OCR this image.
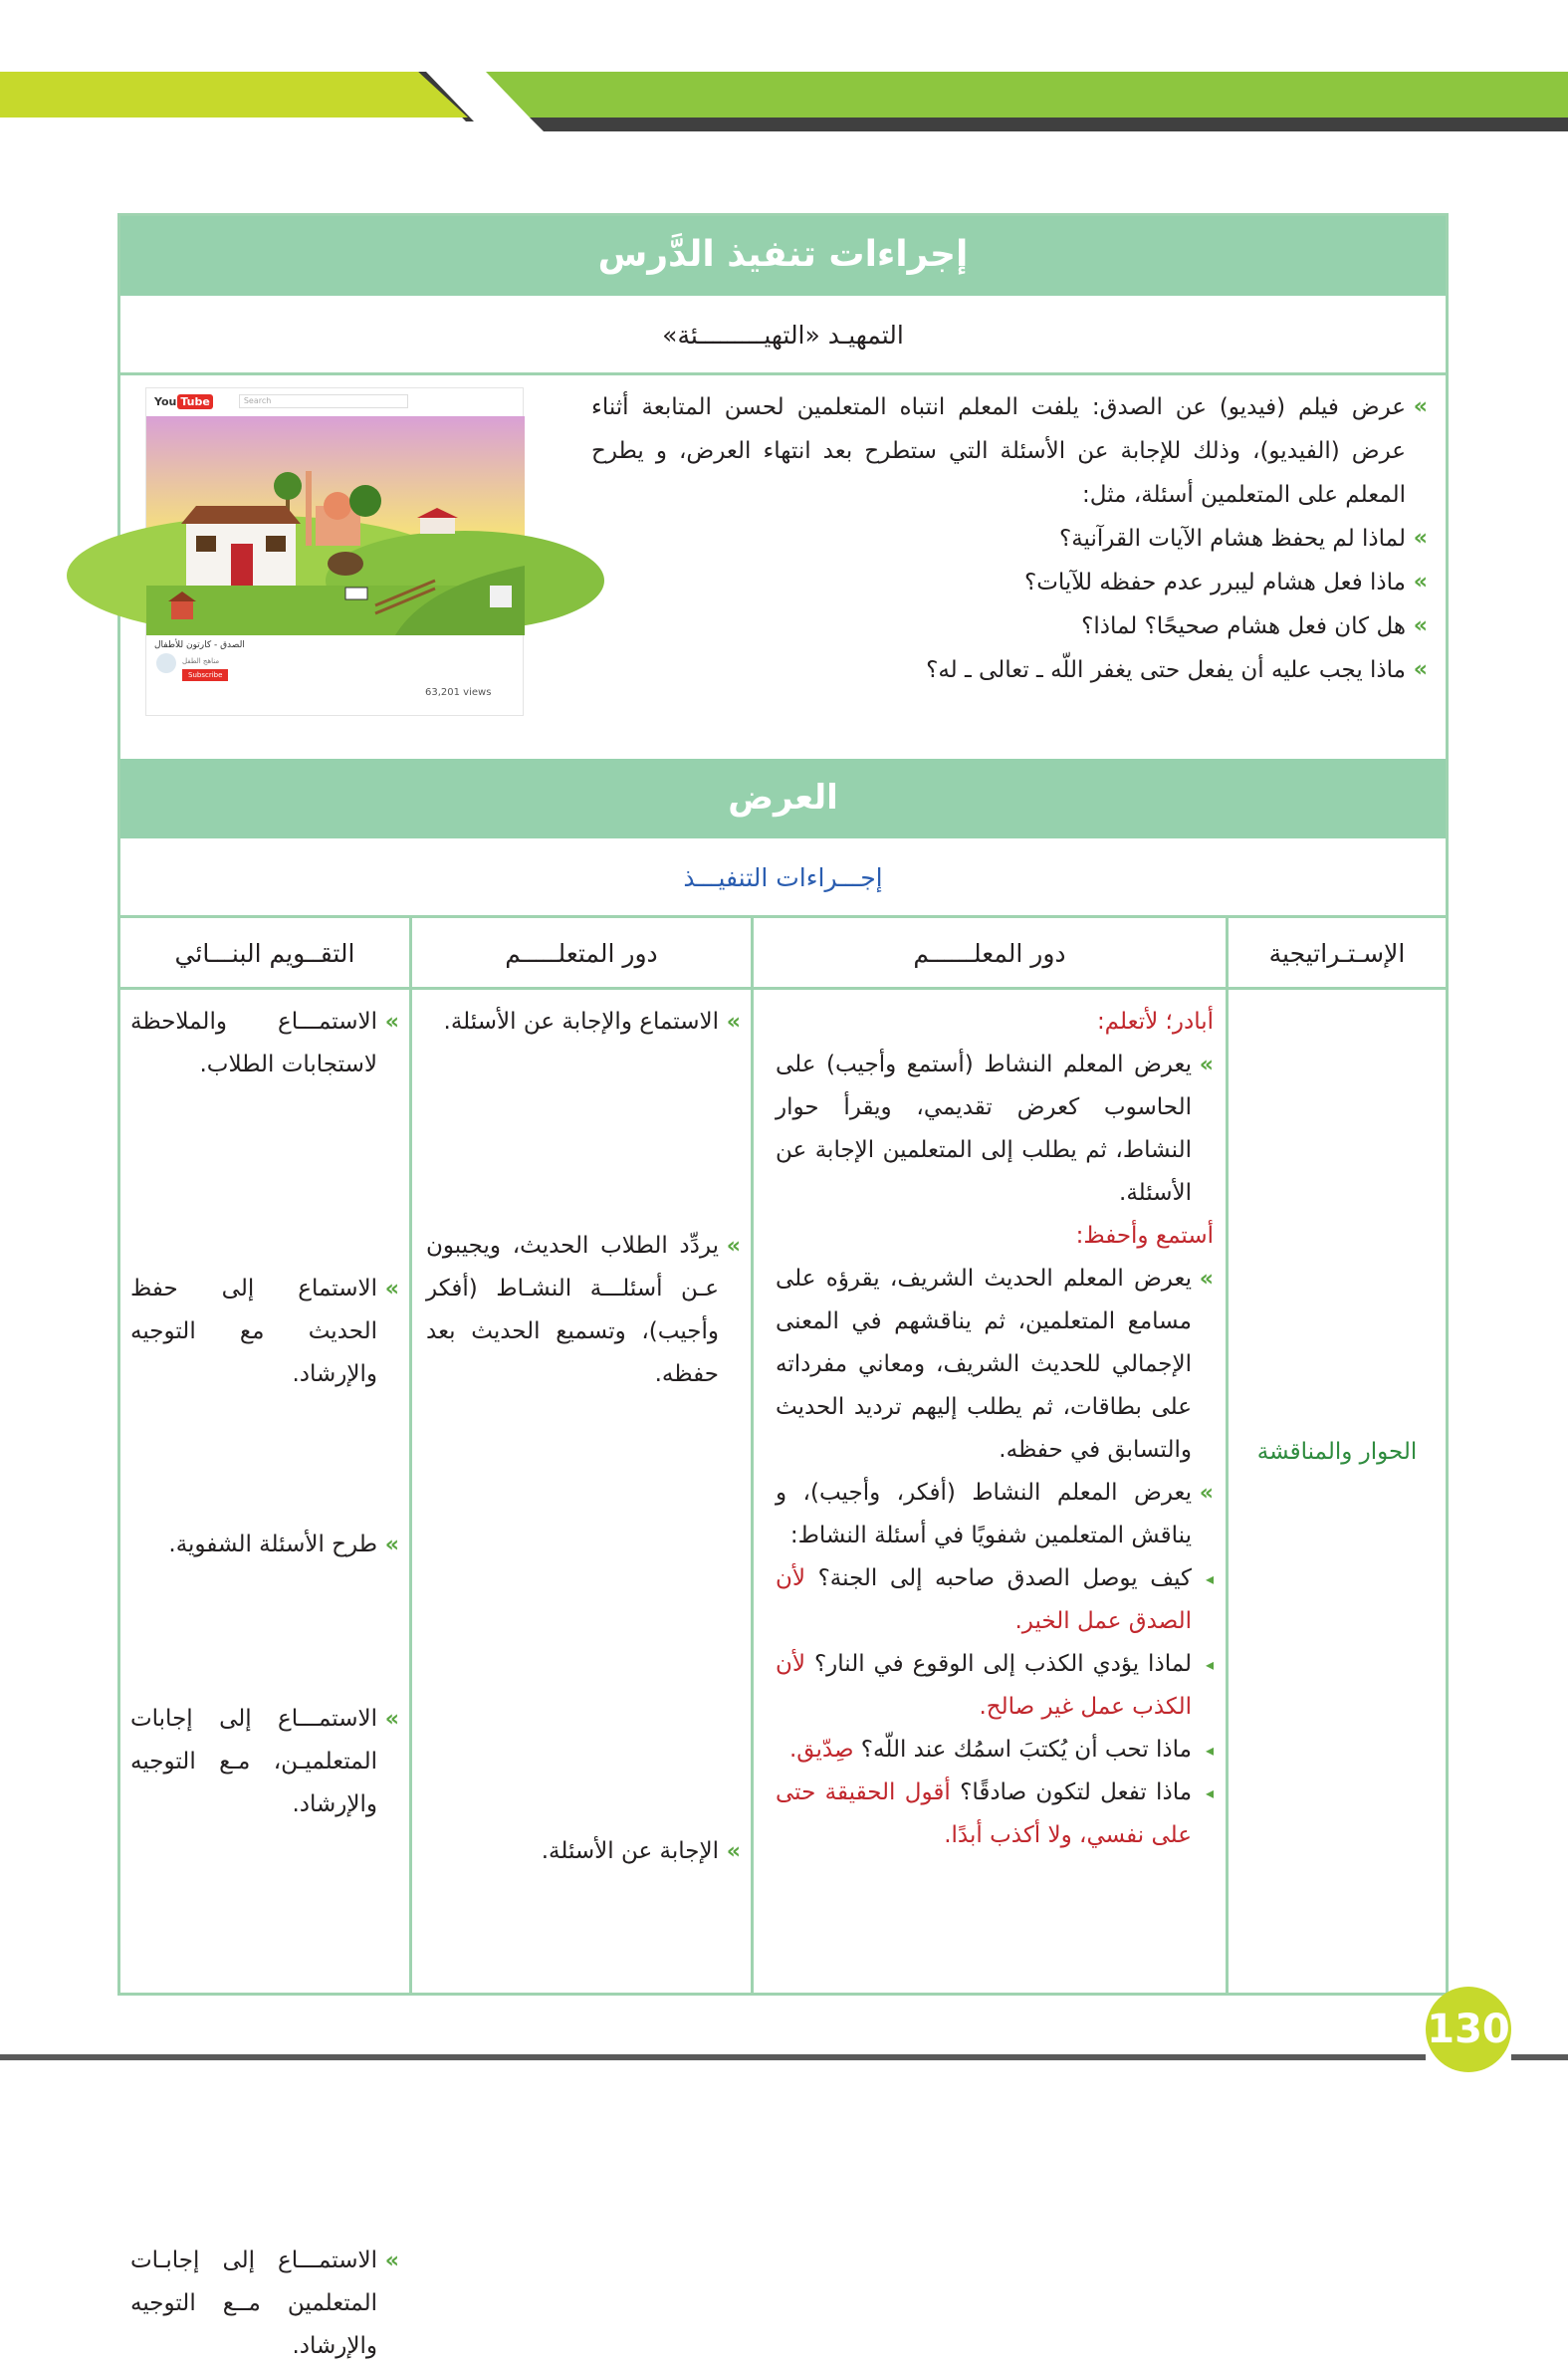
إجراءات تنفيذ الدَّرس
التمهيـد «التهيـــــــــئة»
»
عرض فيلم (فيديو) عن الصدق: يلفت المعلم انتباه المتعلمين لحسن المتابعة أثناء عرض (الفيديو)، وذلك للإجابة عن الأسئلة التي ستطرح بعد انتهاء العرض، و يطرح المعلم على المتعلمين أسئلة، مثل:
»
لماذا لم يحفظ هشام الآيات القرآنية؟
»
ماذا فعل هشام ليبرر عدم حفظه للآيات؟
»
هل كان فعل هشام صحيحًا؟ لماذا؟
»
ماذا يجب عليه أن يفعل حتى يغفر اللّه ـ تعالى ـ له؟
You Tube	Search
الصدق - كارتون للأطفال
مناهج الطفل
Subscribe
63,201 views
العرض
إجـــراءات التنفيـــذ
الإسـتـراتيجية
دور المعلــــــم
دور المتعلـــــم
التقــويم البنـــائي
الحوار والمناقشة
أبادر؛ لأتعلم:
»
يعرض المعلم النشاط (أستمع وأجيب) على الحاسوب كعرض تقديمي، ويقرأ حوار النشاط، ثم يطلب إلى المتعلمين الإجابة عن الأسئلة.
أستمع وأحفظ:
»
يعرض المعلم الحديث الشريف، يقرؤه على مسامع المتعلمين، ثم يناقشهم في المعنى الإجمالي للحديث الشريف، ومعاني مفرداته على بطاقات، ثم يطلب إليهم ترديد الحديث والتسابق في حفظه.
»
يعرض المعلم النشاط (أفكر، وأجيب)، و يناقش المتعلمين شفويًا في أسئلة النشاط:
◂
كيف يوصل الصدق صاحبه إلى الجنة؟ لأن الصدق عمل الخير.
◂
لماذا يؤدي الكذب إلى الوقوع في النار؟ لأن الكذب عمل غير صالح.
◂
ماذا تحب أن يُكتبَ اسمُك عند اللّه؟ صِدّيق.
◂
ماذا تفعل لتكون صادقًا؟ أقول الحقيقة حتى على نفسي، ولا أكذب أبدًا.
»
الاستماع والإجابة عن الأسئلة.
»
يردِّد الطلاب الحديث، ويجيبون عـن أسئلـــة النشـاط (أفكر وأجيب)، وتسميع الحديث بعد حفظه.
»
الإجابة عن الأسئلة.
»
الاستمـــاع والملاحظة لاستجابات الطلاب.
»
الاستماع إلى حفظ الحديث مع التوجيه والإرشاد.
»
طرح الأسئلة الشفوية.
»
الاستمـــاع إلى إجابات المتعلميـن، مـع التوجيه والإرشاد.
»
الاستمـــاع إلى إجابـات المتعلمين مــع التوجيه والإرشاد.
130
